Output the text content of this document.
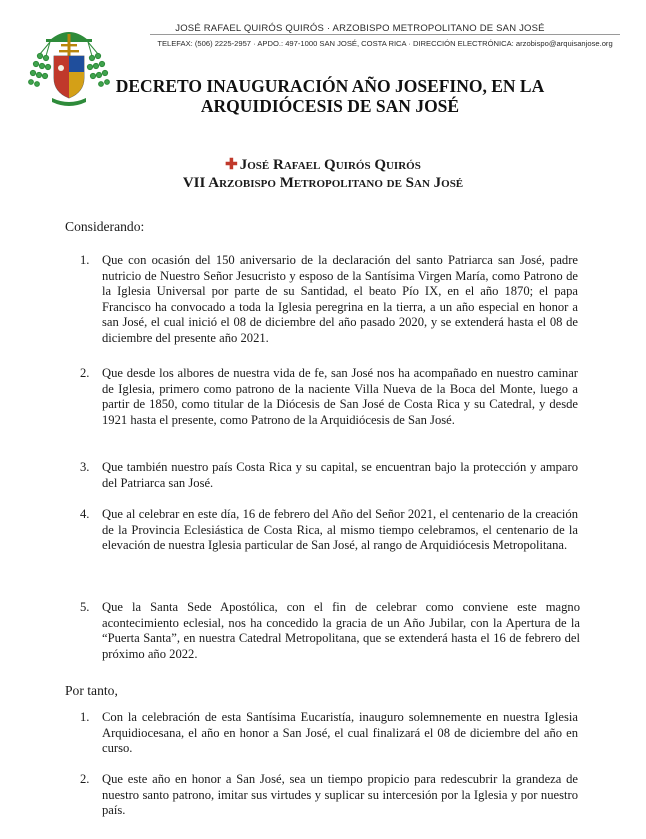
JOSÉ RAFAEL QUIRÓS QUIRÓS · ARZOBISPO METROPOLITANO DE SAN JOSÉ
TELEFAX: (506) 2225-2957 · APDO.: 497-1000 SAN JOSÉ, COSTA RICA · DIRECCIÓN ELECTRÓNICA: arzobispo@arquisanjose.org
DECRETO INAUGURACIÓN AÑO JOSEFINO, EN LA
ARQUIDIÓCESIS DE SAN JOSÉ
✚ José Rafael Quirós Quirós
VII Arzobispo Metropolitano de San José
Considerando:
1. Que con ocasión del 150 aniversario de la declaración del santo Patriarca san José, padre nutricio de Nuestro Señor Jesucristo y esposo de la Santísima Virgen María, como Patrono de la Iglesia Universal por parte de su Santidad, el beato Pío IX, en el año 1870; el papa Francisco ha convocado a toda la Iglesia peregrina en la tierra, a un año especial en honor a san José, el cual inició el 08 de diciembre del año pasado 2020, y se extenderá hasta el 08 de diciembre del presente año 2021.
2. Que desde los albores de nuestra vida de fe, san José nos ha acompañado en nuestro caminar de Iglesia, primero como patrono de la naciente Villa Nueva de la Boca del Monte, luego a partir de 1850, como titular de la Diócesis de San José de Costa Rica y su Catedral, y desde 1921 hasta el presente, como Patrono de la Arquidiócesis de San José.
3. Que también nuestro país Costa Rica y su capital, se encuentran bajo la protección y amparo del Patriarca san José.
4. Que al celebrar en este día, 16 de febrero del Año del Señor 2021, el centenario de la creación de la Provincia Eclesiástica de Costa Rica, al mismo tiempo celebramos, el centenario de la elevación de nuestra Iglesia particular de San José, al rango de Arquidiócesis Metropolitana.
5. Que la Santa Sede Apostólica, con el fin de celebrar como conviene este magno acontecimiento eclesial, nos ha concedido la gracia de un Año Jubilar, con la Apertura de la “Puerta Santa”, en nuestra Catedral Metropolitana, que se extenderá hasta el 16 de febrero del próximo año 2022.
Por tanto,
1. Con la celebración de esta Santísima Eucaristía, inauguro solemnemente en nuestra Iglesia Arquidiocesana, el año en honor a San José, el cual finalizará el 08 de diciembre del año en curso.
2. Que este año en honor a San José, sea un tiempo propicio para redescubrir la grandeza de nuestro santo patrono, imitar sus virtudes y suplicar su intercesión por la Iglesia y por nuestro país.
